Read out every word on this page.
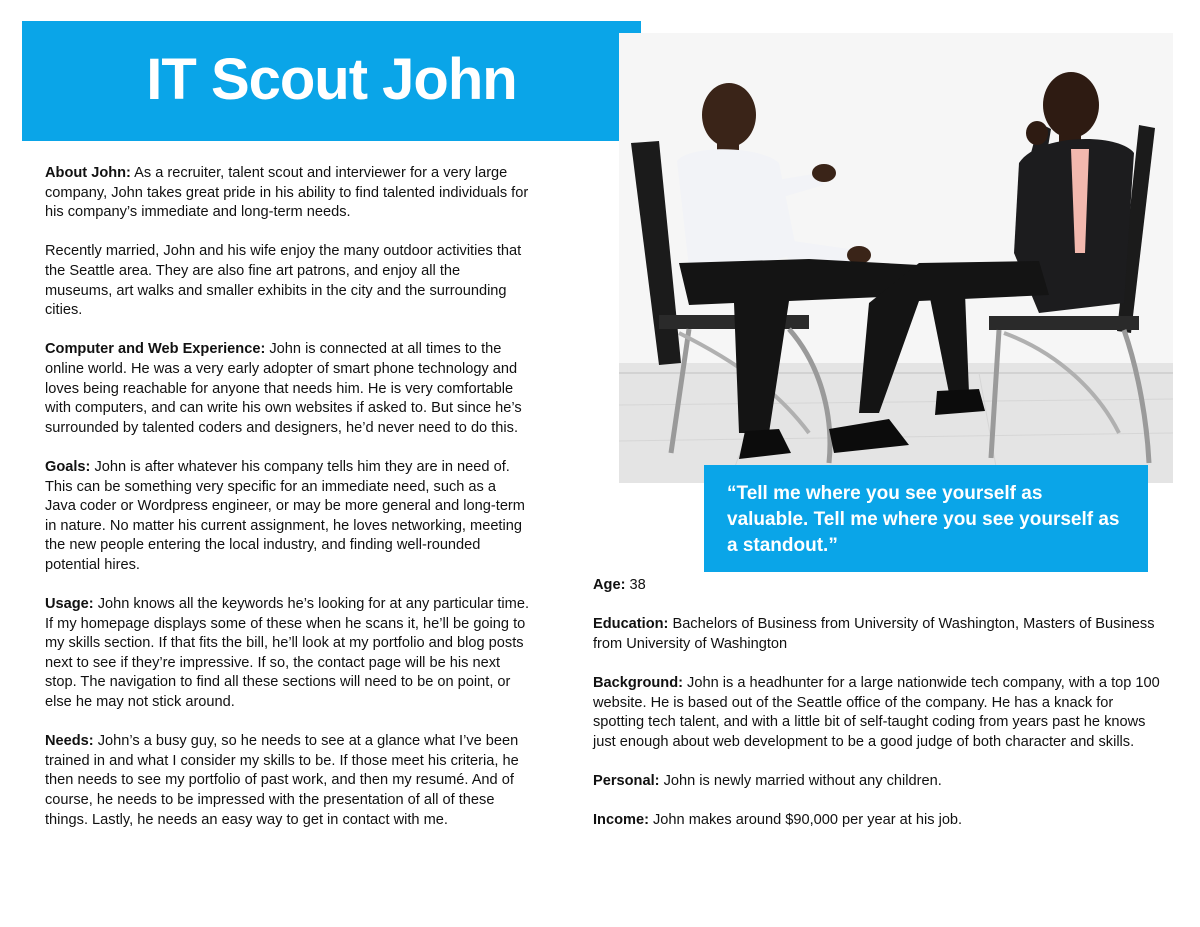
IT Scout John

About John: As a recruiter, talent scout and interviewer for a very large company, John takes great pride in his ability to find talented individuals for his company’s immediate and long-term needs.

Recently married, John and his wife enjoy the many outdoor activities that the Seattle area. They are also fine art patrons, and enjoy all the museums, art walks and smaller exhibits in the city and the surrounding cities.

Computer and Web Experience: John is connected at all times to the online world. He was a very early adopter of smart phone technology and loves being reachable for anyone that needs him. He is very comfortable with computers, and can write his own websites if asked to. But since he’s surrounded by talented coders and designers, he’d never need to do this.

Goals: John is after whatever his company tells him they are in need of. This can be something very specific for an immediate need, such as a Java coder or Wordpress engineer, or may be more general and long-term in nature. No matter his current assignment, he loves networking, meeting the new people entering the local industry, and finding well-rounded potential hires.

Usage: John knows all the keywords he’s looking for at any particular time. If my homepage displays some of these when he scans it, he’ll be going to my skills section. If that fits the bill, he’ll look at my portfolio and blog posts next to see if they’re impressive. If so, the contact page will be his next stop. The navigation to find all these sections will need to be on point, or else he may not stick around.

Needs: John’s a busy guy, so he needs to see at a glance what I’ve been trained in and what I consider my skills to be. If those meet his criteria, he then needs to see my portfolio of past work, and then my resumé. And of course, he needs to be impressed with the presentation of all of these things. Lastly, he needs an easy way to get in contact with me.

“Tell me where you see yourself as valuable. Tell me where you see yourself as a standout.”

Age: 38

Education: Bachelors of Business from University of Washington, Masters of Business from University of Washington

Background: John is a headhunter for a large nationwide tech company, with a top 100 website. He is based out of the Seattle office of the company. He has a knack for spotting tech talent, and with a little bit of self-taught coding from years past he knows just enough about web development to be a good judge of both character and skills.

Personal: John is newly married without any children.

Income: John makes around $90,000 per year at his job.
